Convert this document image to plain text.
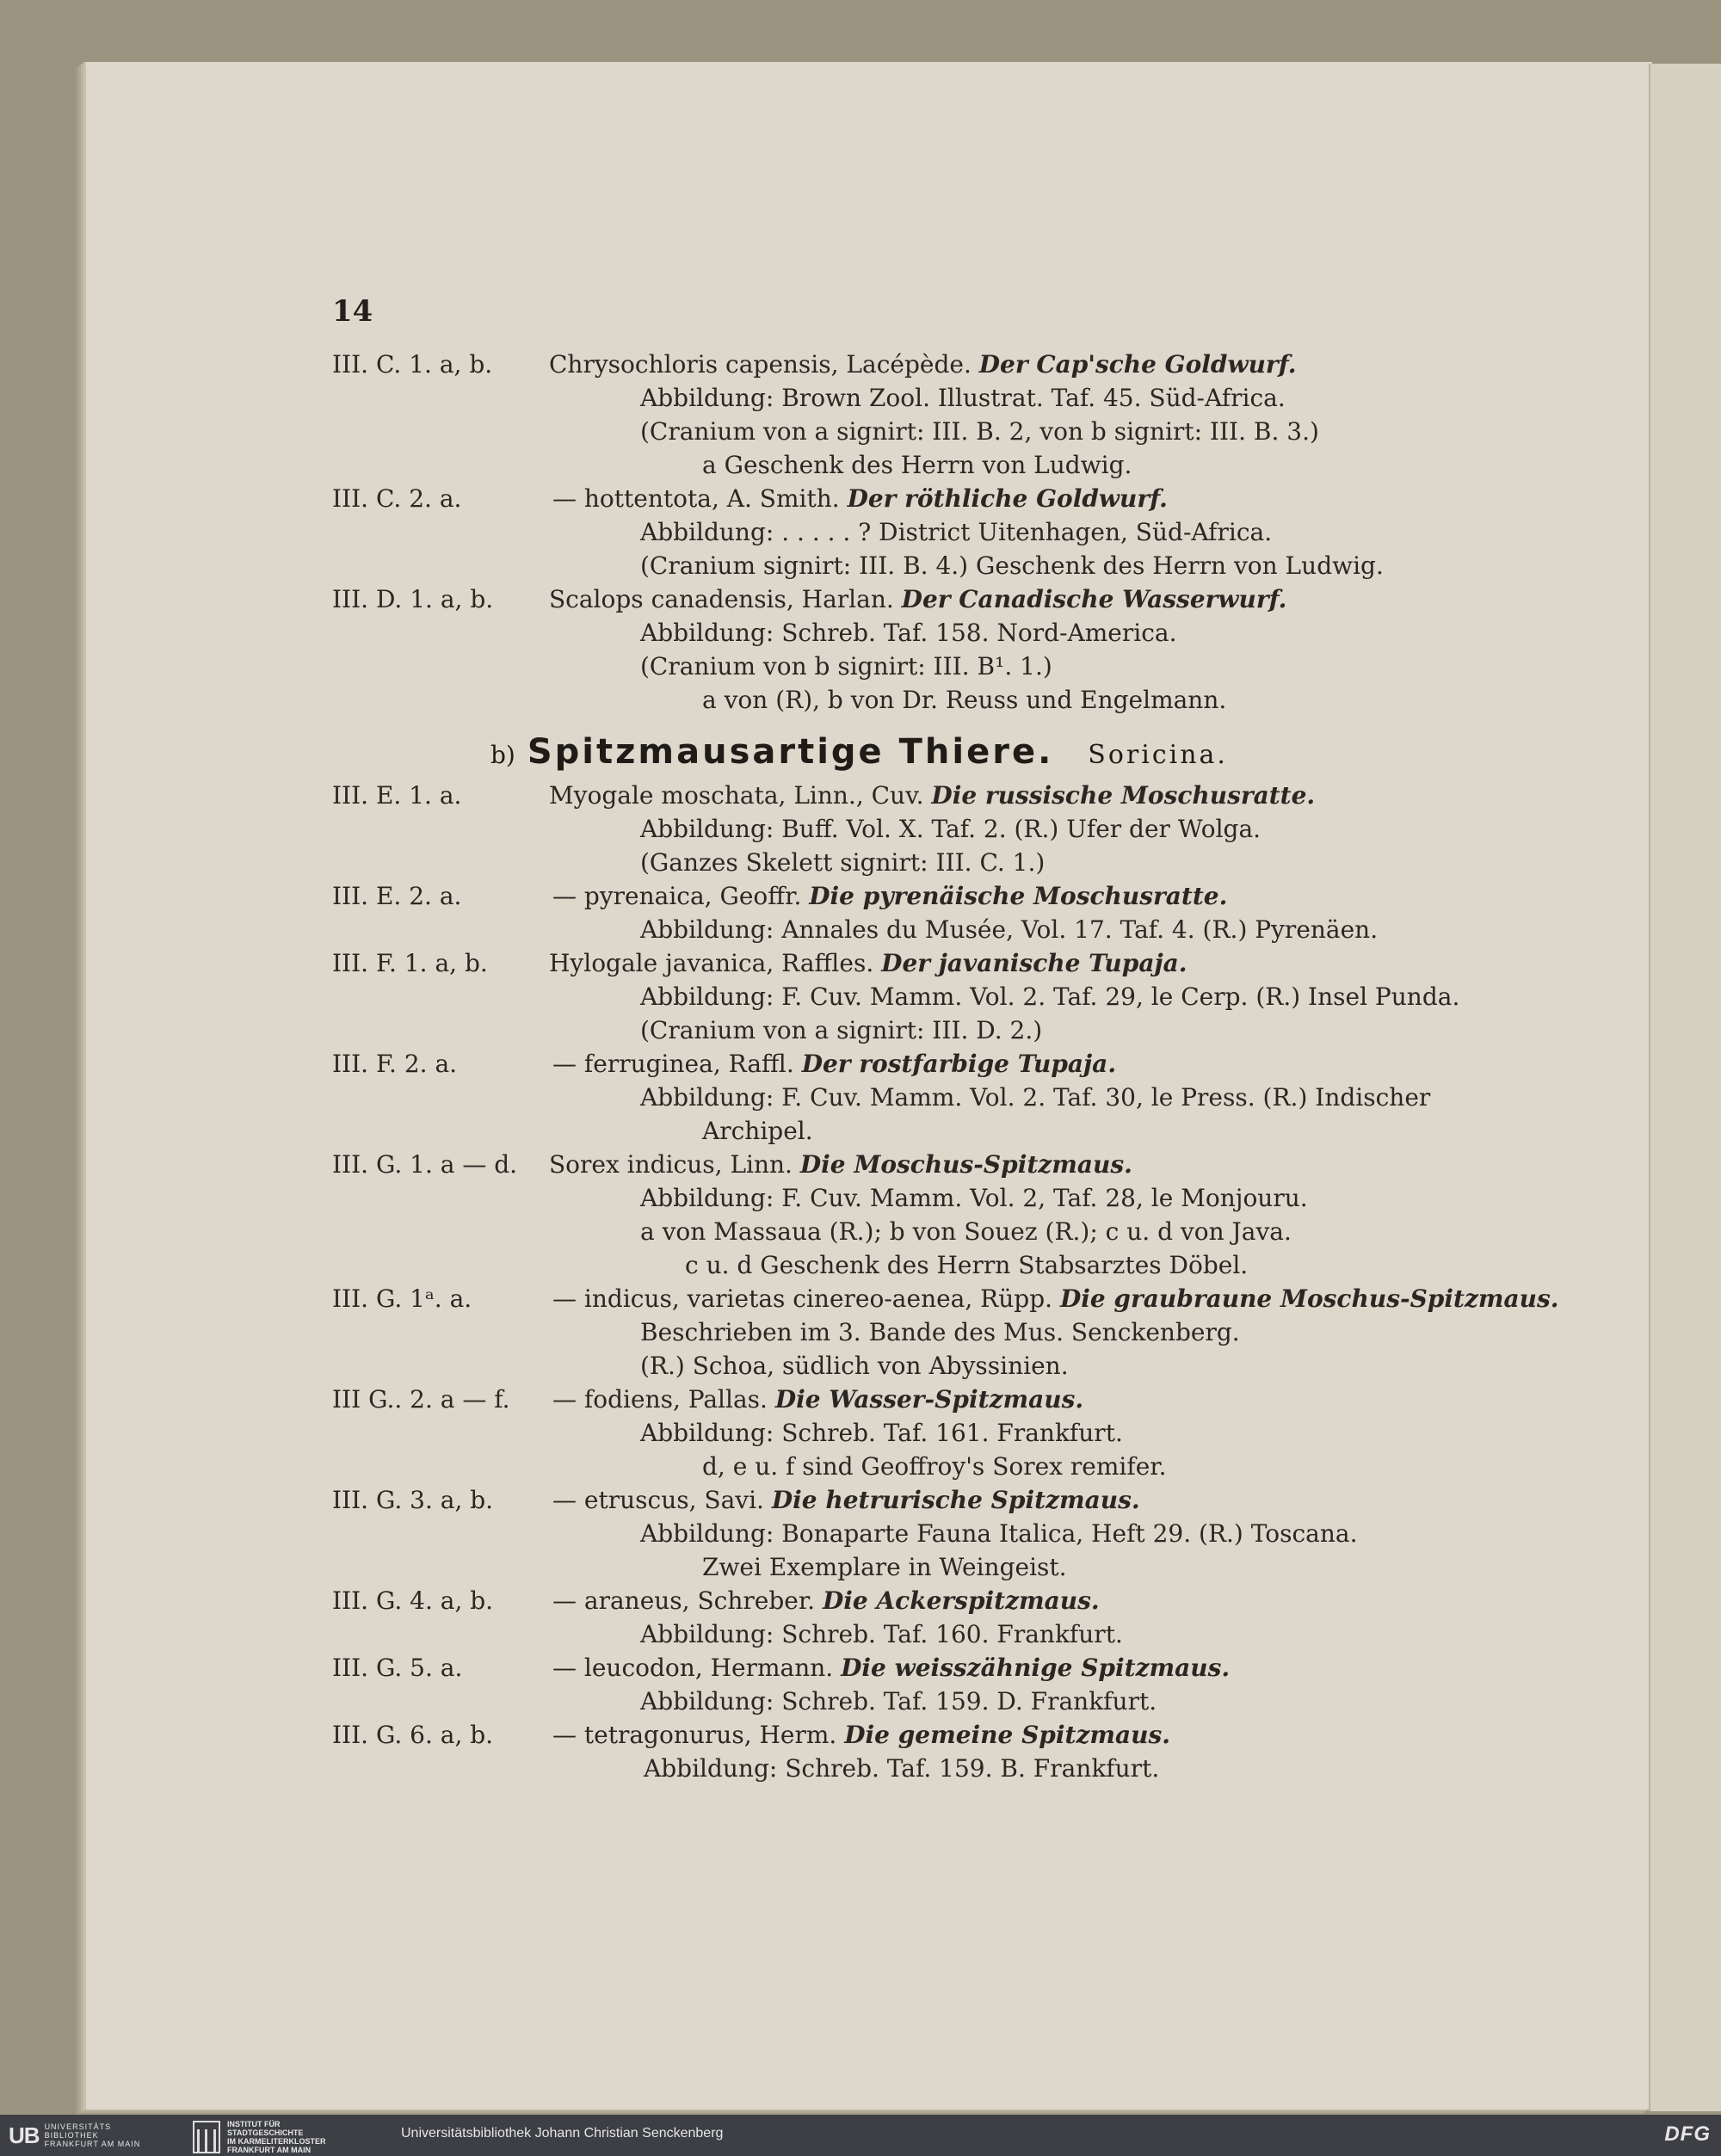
14
III. C. 1. a, b. Chrysochloris capensis, Lacépède. Der Cap'sche Goldwurf.
Abbildung: Brown Zool. Illustrat. Taf. 45. Süd-Africa.
(Cranium von a signirt: III. B. 2, von b signirt: III. B. 3.)
a Geschenk des Herrn von Ludwig.
III. C. 2. a.	— hottentota, A. Smith. Der röthliche Goldwurf.
Abbildung: . . . . . ? District Uitenhagen, Süd-Africa.
(Cranium signirt: III. B. 4.) Geschenk des Herrn von Ludwig.
III. D. 1. a, b. Scalops canadensis, Harlan. Der Canadische Wasserwurf.
Abbildung: Schreb. Taf. 158. Nord-America.
(Cranium von b signirt: III. B¹. 1.)
a von (R), b von Dr. Reuss und Engelmann.
b) Spitzmausartige Thiere. Soricina.
III. E. 1. a.	Myogale moschata, Linn., Cuv. Die russische Moschusratte.
Abbildung: Buff. Vol. X. Taf. 2. (R.) Ufer der Wolga.
(Ganzes Skelett signirt: III. C. 1.)
III. E. 2. a.	— pyrenaica, Geoffr. Die pyrenäische Moschusratte.
Abbildung: Annales du Musée, Vol. 17. Taf. 4. (R.) Pyrenäen.
III. F. 1. a, b.	Hylogale javanica, Raffles. Der javanische Tupaja.
Abbildung: F. Cuv. Mamm. Vol. 2. Taf. 29, le Cerp. (R.) Insel Punda.
(Cranium von a signirt: III. D. 2.)
III. F. 2. a.	— ferruginea, Raffl. Der rostfarbige Tupaja.
Abbildung: F. Cuv. Mamm. Vol. 2. Taf. 30, le Press. (R.) Indischer
Archipel.
III. G. 1. a — d. Sorex indicus, Linn. Die Moschus-Spitzmaus.
Abbildung: F. Cuv. Mamm. Vol. 2, Taf. 28, le Monjouru.
a von Massaua (R.); b von Souez (R.); c u. d von Java.
c u. d Geschenk des Herrn Stabsarztes Döbel.
III. G. 1ᵃ. a.	— indicus, varietas cinereo-aenea, Rüpp. Die graubraune Moschus-Spitzmaus.
Beschrieben im 3. Bande des Mus. Senckenberg.
(R.) Schoa, südlich von Abyssinien.
III G.. 2. a — f. — fodiens, Pallas. Die Wasser-Spitzmaus.
Abbildung: Schreb. Taf. 161. Frankfurt.
d, e u. f sind Geoffroy's Sorex remifer.
III. G. 3. a, b. — etruscus, Savi. Die hetrurische Spitzmaus.
Abbildung: Bonaparte Fauna Italica, Heft 29. (R.) Toscana.
Zwei Exemplare in Weingeist.
III. G. 4. a, b. — araneus, Schreber. Die Ackerspitzmaus.
Abbildung: Schreb. Taf. 160. Frankfurt.
III. G. 5. a.	— leucodon, Hermann. Die weisszähnige Spitzmaus.
Abbildung: Schreb. Taf. 159. D. Frankfurt.
III. G. 6. a, b. — tetragonurus, Herm. Die gemeine Spitzmaus.
Abbildung: Schreb. Taf. 159. B. Frankfurt.
UB UNIVERSITÄTS
BIBLIOTHEK
FRANKFURT AM MAIN
INSTITUT FÜR
STADTGESCHICHTE
IM KARMELITERKLOSTER
FRANKFURT AM MAIN
Universitätsbibliothek Johann Christian Senckenberg	DFG
